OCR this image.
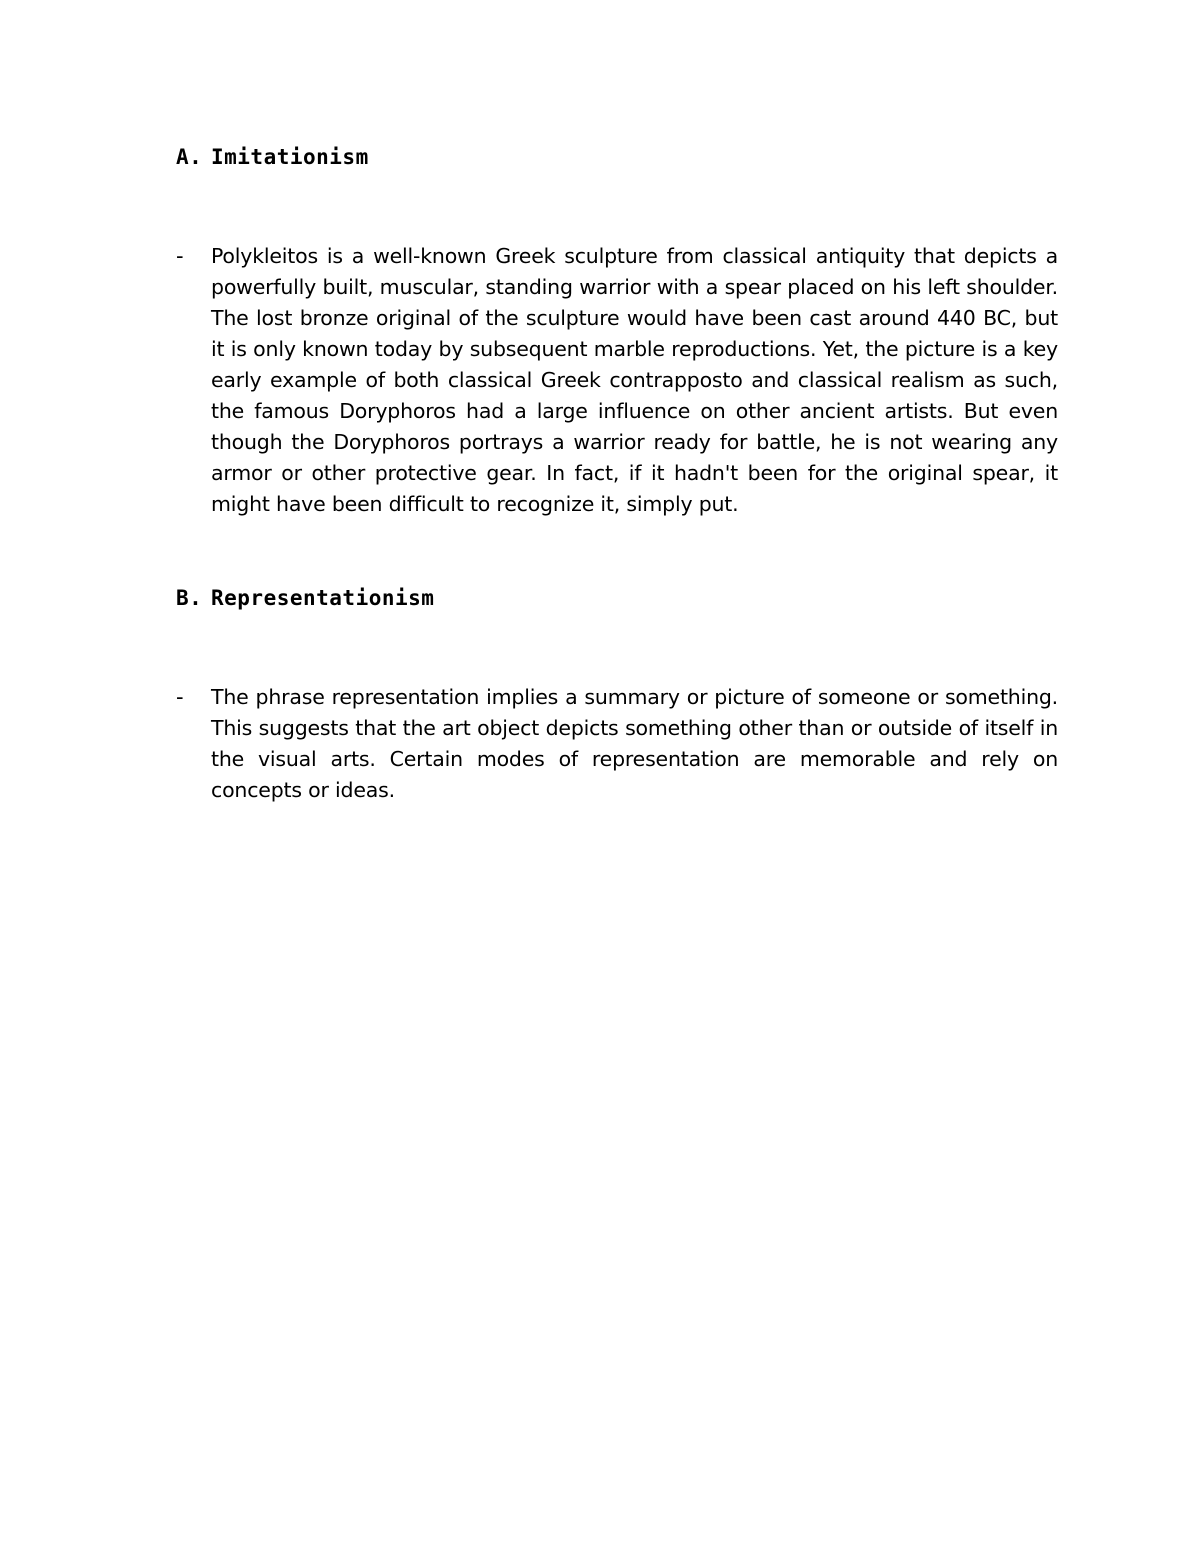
A. Imitationism
-	Polykleitos is a well-known Greek sculpture from classical antiquity that depicts a powerfully built, muscular, standing warrior with a spear placed on his left shoulder. The lost bronze original of the sculpture would have been cast around 440 BC, but it is only known today by subsequent marble reproductions. Yet, the picture is a key early example of both classical Greek contrapposto and classical realism as such, the famous Doryphoros had a large influence on other ancient artists. But even though the Doryphoros portrays a warrior ready for battle, he is not wearing any armor or other protective gear. In fact, if it hadn't been for the original spear, it might have been difficult to recognize it, simply put.

B. Representationism
-	The phrase representation implies a summary or picture of someone or something. This suggests that the art object depicts something other than or outside of itself in the visual arts. Certain modes of representation are memorable and rely on concepts or ideas.
